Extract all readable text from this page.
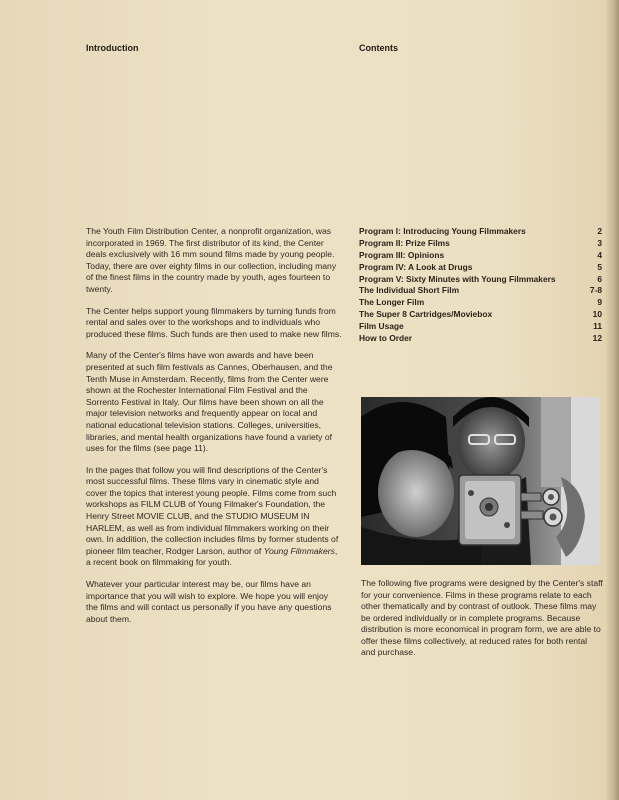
Introduction	Contents

The Youth Film Distribution Center, a nonprofit organization, was incorporated in 1969. The first distributor of its kind, the Center deals exclusively with 16 mm sound films made by young people. Today, there are over eighty films in our collection, including many of the finest films in the country made by youth, ages fourteen to twenty.

The Center helps support young filmmakers by turning funds from rental and sales over to the workshops and to individuals who produced these films. Such funds are then used to make new films.

Many of the Center's films have won awards and have been presented at such film festivals as Cannes, Oberhausen, and the Tenth Muse in Amsterdam. Recently, films from the Center were shown at the Rochester International Film Festival and the Sorrento Festival in Italy. Our films have been shown on all the major television networks and frequently appear on local and national educational television stations. Colleges, universities, libraries, and mental health organizations have found a variety of uses for the films (see page 11).

In the pages that follow you will find descriptions of the Center's most successful films. These films vary in cinematic style and cover the topics that interest young people. Films come from such workshops as FILM CLUB of Young Filmaker's Foundation, the Henry Street MOVIE CLUB, and the STUDIO MUSEUM IN HARLEM, as well as from individual filmmakers working on their own. In addition, the collection includes films by former students of pioneer film teacher, Rodger Larson, author of Young Filmmakers, a recent book on filmmaking for youth.

Whatever your particular interest may be, our films have an importance that you will wish to explore. We hope you will enjoy the films and will contact us personally if you have any questions about them.

Program I: Introducing Young Filmmakers	2
Program II: Prize Films	3
Program III: Opinions	4
Program IV: A Look at Drugs	5
Program V: Sixty Minutes with Young Filmmakers	6
The Individual Short Film	7-8
The Longer Film	9
The Super 8 Cartridges/Moviebox	10
Film Usage	11
How to Order	12
The following five programs were designed by the Center's staff for your convenience. Films in these programs relate to each other thematically and by contrast of outlook. These films may be ordered individually or in complete programs. Because distribution is more economical in program form, we are able to offer these films collectively, at reduced rates for both rental and purchase.
